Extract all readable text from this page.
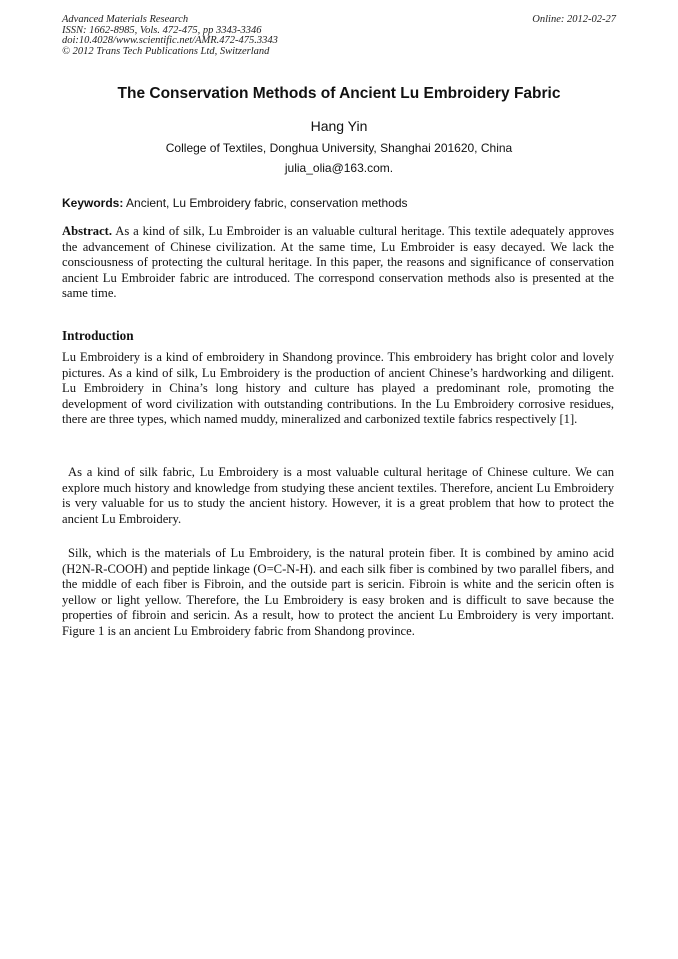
Advanced Materials Research
ISSN: 1662-8985, Vols. 472-475, pp 3343-3346
doi:10.4028/www.scientific.net/AMR.472-475.3343
© 2012 Trans Tech Publications Ltd, Switzerland
Online: 2012-02-27
The Conservation Methods of Ancient Lu Embroidery Fabric
Hang Yin
College of Textiles, Donghua University, Shanghai 201620, China
julia_olia@163.com.
Keywords: Ancient, Lu Embroidery fabric, conservation methods
Abstract. As a kind of silk, Lu Embroider is an valuable cultural heritage. This textile adequately approves the advancement of Chinese civilization. At the same time, Lu Embroider is easy decayed. We lack the consciousness of protecting the cultural heritage. In this paper, the reasons and significance of conservation ancient Lu Embroider fabric are introduced. The correspond conservation methods also is presented at the same time.
Introduction
Lu Embroidery is a kind of embroidery in Shandong province. This embroidery has bright color and lovely pictures. As a kind of silk, Lu Embroidery is the production of ancient Chinese’s hardworking and diligent. Lu Embroidery in China’s long history and culture has played a predominant role, promoting the development of word civilization with outstanding contributions. In the Lu Embroidery corrosive residues, there are three types, which named muddy, mineralized and carbonized textile fabrics respectively [1].
As a kind of silk fabric, Lu Embroidery is a most valuable cultural heritage of Chinese culture. We can explore much history and knowledge from studying these ancient textiles. Therefore, ancient Lu Embroidery is very valuable for us to study the ancient history. However, it is a great problem that how to protect the ancient Lu Embroidery.
Silk, which is the materials of Lu Embroidery, is the natural protein fiber. It is combined by amino acid (H2N-R-COOH) and peptide linkage (O=C-N-H). and each silk fiber is combined by two parallel fibers, and the middle of each fiber is Fibroin, and the outside part is sericin. Fibroin is white and the sericin often is yellow or light yellow. Therefore, the Lu Embroidery is easy broken and is difficult to save because the properties of fibroin and sericin. As a result, how to protect the ancient Lu Embroidery is very important. Figure 1 is an ancient Lu Embroidery fabric from Shandong province.
